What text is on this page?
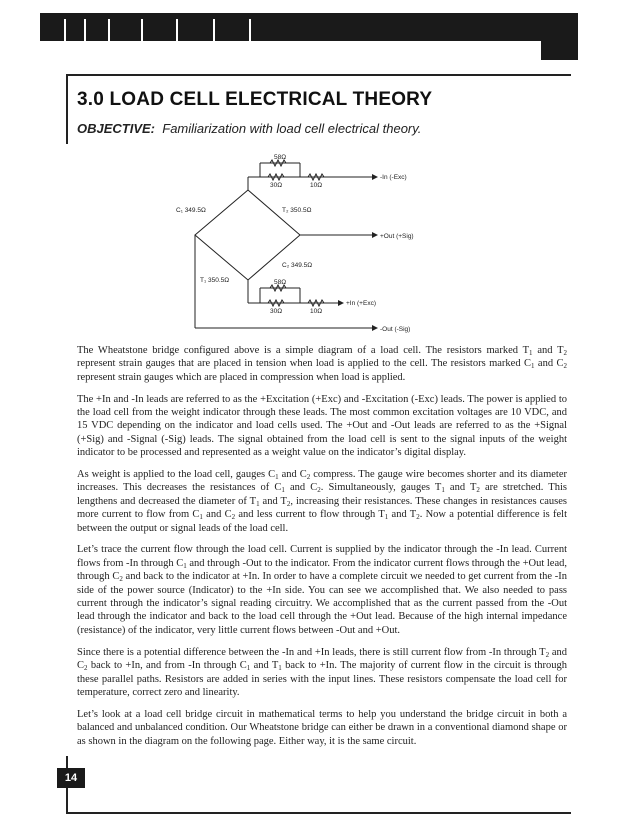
3.0 LOAD CELL ELECTRICAL THEORY
OBJECTIVE: Familiarization with load cell electrical theory.
58Ω
30Ω	10Ω
-In (-Exc)
C₁ 349.5Ω	T₂ 350.5Ω
+Out (+Sig)
C₂ 349.5Ω
T₁ 350.5Ω	58Ω
30Ω	10Ω
+In (+Exc)
-Out (-Sig)

The Wheatstone bridge configured above is a simple diagram of a load cell. The resistors marked $T_1$ and $T_2$ represent strain gauges that are placed in tension when load is applied to the cell. The resistors marked $C_1$ and $C_2$ represent strain gauges which are placed in compression when load is applied.

The +In and -In leads are referred to as the +Excitation (+Exc) and -Excitation (-Exc) leads. The power is applied to the load cell from the weight indicator through these leads. The most common excitation voltages are 10 VDC, and 15 VDC depending on the indicator and load cells used. The +Out and -Out leads are referred to as the +Signal (+Sig) and -Signal (-Sig) leads. The signal obtained from the load cell is sent to the signal inputs of the weight indicator to be processed and represented as a weight value on the indicator’s digital display.

As weight is applied to the load cell, gauges $C_1$ and $C_2$ compress. The gauge wire becomes shorter and its diameter increases. This decreases the resistances of $C_1$ and $C_2$. Simultaneously, gauges $T_1$ and $T_2$ are stretched. This lengthens and decreased the diameter of $T_1$ and $T_2$, increasing their resistances. These changes in resistances causes more current to flow from $C_1$ and $C_2$ and less current to flow through $T_1$ and $T_2$. Now a potential difference is felt between the output or signal leads of the load cell.

Let’s trace the current flow through the load cell. Current is supplied by the indicator through the -In lead. Current flows from -In through $C_1$ and through -Out to the indicator. From the indicator current flows through the +Out lead, through $C_2$ and back to the indicator at +In. In order to have a complete circuit we needed to get current from the -In side of the power source (Indicator) to the +In side. You can see we accomplished that. We also needed to pass current through the indicator’s signal reading circuitry. We accomplished that as the current passed from the -Out lead through the indicator and back to the load cell through the +Out lead. Because of the high internal impedance (resistance) of the indicator, very little current flows between -Out and +Out.

Since there is a potential difference between the -In and +In leads, there is still current flow from -In through $T_2$ and $C_2$ back to +In, and from -In through $C_1$ and $T_1$ back to +In. The majority of current flow in the circuit is through these parallel paths. Resistors are added in series with the input lines. These resistors compensate the load cell for temperature, correct zero and linearity.

Let’s look at a load cell bridge circuit in mathematical terms to help you understand the bridge circuit in both a balanced and unbalanced condition. Our Wheatstone bridge can either be drawn in a conventional diamond shape or as shown in the diagram on the following page. Either way, it is the same circuit.

14
